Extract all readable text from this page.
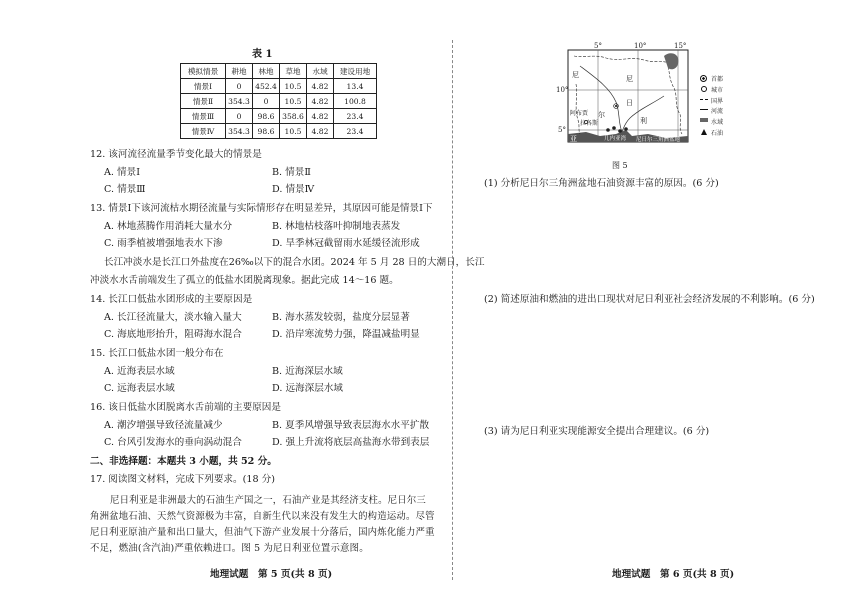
表 1
模拟情景	耕地	林地	草地	水域	建设用地
情景Ⅰ	0	452.4	10.5	4.82	13.4
情景Ⅱ	354.3	0	10.5	4.82	100.8
情景Ⅲ	0	98.6	358.6	4.82	23.4
情景Ⅳ	354.3	98.6	10.5	4.82	23.4
12. 该河流径流量季节变化最大的情景是
A. 情景Ⅰ	B. 情景Ⅱ
C. 情景Ⅲ	D. 情景Ⅳ
13. 情景Ⅰ下该河流枯水期径流量与实际情形存在明显差异，其原因可能是情景Ⅰ下
A. 林地蒸腾作用消耗大量水分	B. 林地枯枝落叶抑制地表蒸发
C. 雨季植被增强地表水下渗	D. 旱季林冠截留雨水延缓径流形成
长江冲淡水是长江口外盐度在26‰以下的混合水团。2024 年 5 月 28 日的大潮日，长江
冲淡水水舌前端发生了孤立的低盐水团脱离现象。据此完成 14～16 题。
14. 长江口低盐水团形成的主要原因是
A. 长江径流量大，淡水输入量大	B. 海水蒸发较弱，盐度分层显著
C. 海底地形抬升，阻碍海水混合	D. 沿岸寒流势力强，降温减盐明显
15. 长江口低盐水团一般分布在
A. 近海表层水域	B. 近海深层水域
C. 远海表层水域	D. 远海深层水域
16. 该日低盐水团脱离水舌前端的主要原因是
A. 潮汐增强导致径流量减少	B. 夏季风增强导致表层海水水平扩散
C. 台风引发海水的垂向涡动混合	D. 强上升流将底层高盐海水带到表层
二、非选择题：本题共 3 小题，共 52 分。
17. 阅读图文材料，完成下列要求。(18 分)
尼日利亚是非洲最大的石油生产国之一，石油产业是其经济支柱。尼日尔三角洲盆地石油、天然气资源极为丰富，自新生代以来没有发生大的构造运动。尽管尼日利亚原油产量和出口量大，但油气下游产业发展十分落后，国内炼化能力严重不足，燃油(含汽油)严重依赖进口。图 5 为尼日利亚位置示意图。
地理试题　第 5 页(共 8 页)
5°	10°	15°
10°
5°
尼	尼
日
尔
利
亚
阿布贾
拉各斯
几内亚湾 尼日尔三角洲盆地
首都
城市
国界
河流
水域
石油
图 5
(1) 分析尼日尔三角洲盆地石油资源丰富的原因。(6 分)
(2) 简述原油和燃油的进出口现状对尼日利亚社会经济发展的不利影响。(6 分)
(3) 请为尼日利亚实现能源安全提出合理建议。(6 分)
地理试题　第 6 页(共 8 页)
